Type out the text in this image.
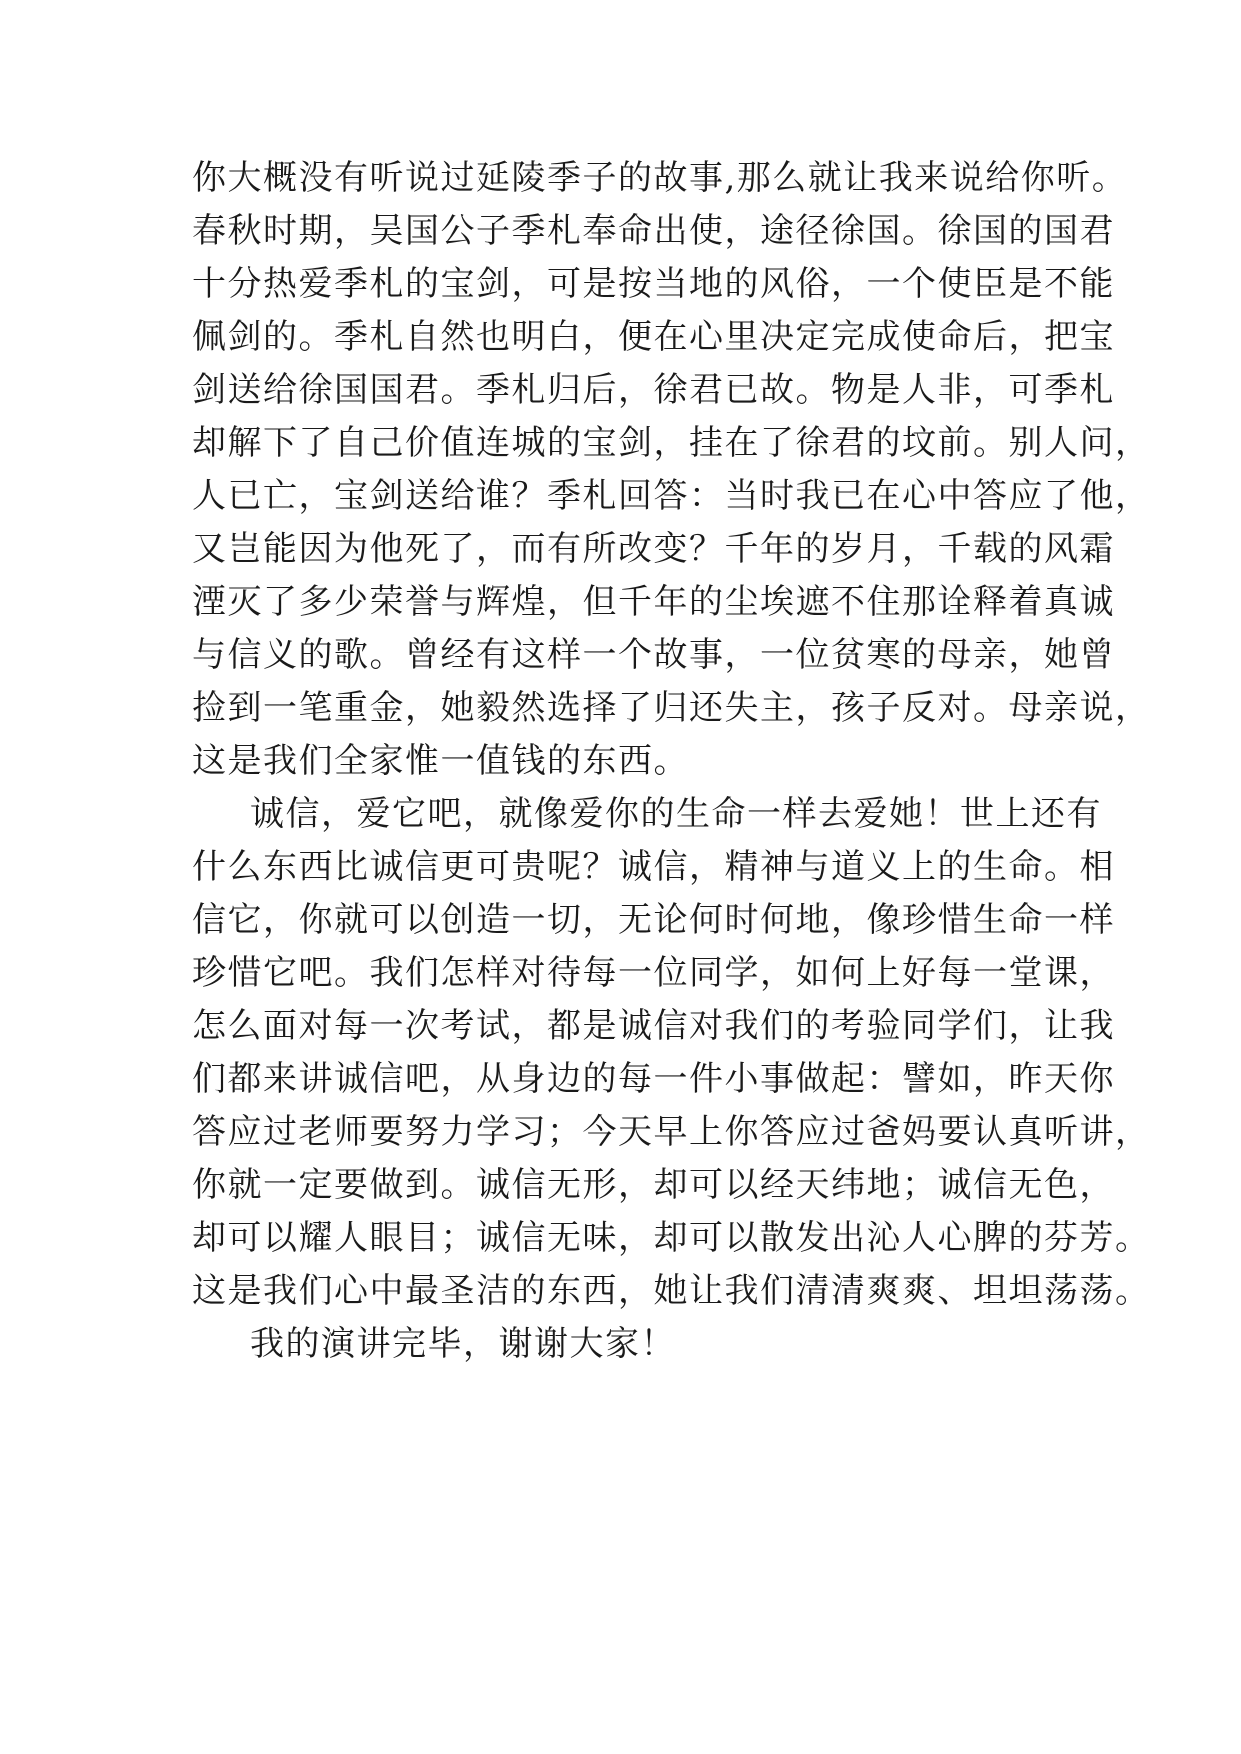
你大概没有听说过延陵季子的故事,那么就让我来说给你听。
春秋时期，吴国公子季札奉命出使，途径徐国。徐国的国君
十分热爱季札的宝剑，可是按当地的风俗，一个使臣是不能
佩剑的。季札自然也明白，便在心里决定完成使命后，把宝
剑送给徐国国君。季札归后，徐君已故。物是人非，可季札
却解下了自己价值连城的宝剑，挂在了徐君的坟前。别人问，
人已亡，宝剑送给谁？季札回答：当时我已在心中答应了他，
又岂能因为他死了，而有所改变？千年的岁月，千载的风霜
湮灭了多少荣誉与辉煌，但千年的尘埃遮不住那诠释着真诚
与信义的歌。曾经有这样一个故事，一位贫寒的母亲，她曾
捡到一笔重金，她毅然选择了归还失主，孩子反对。母亲说，
这是我们全家惟一值钱的东西。
诚信，爱它吧，就像爱你的生命一样去爱她！世上还有
什么东西比诚信更可贵呢？诚信，精神与道义上的生命。相
信它，你就可以创造一切，无论何时何地，像珍惜生命一样
珍惜它吧。我们怎样对待每一位同学，如何上好每一堂课，
怎么面对每一次考试，都是诚信对我们的考验同学们，让我
们都来讲诚信吧，从身边的每一件小事做起：譬如，昨天你
答应过老师要努力学习；今天早上你答应过爸妈要认真听讲，
你就一定要做到。诚信无形，却可以经天纬地；诚信无色，
却可以耀人眼目；诚信无味，却可以散发出沁人心脾的芬芳。
这是我们心中最圣洁的东西，她让我们清清爽爽、坦坦荡荡。
我的演讲完毕，谢谢大家！
